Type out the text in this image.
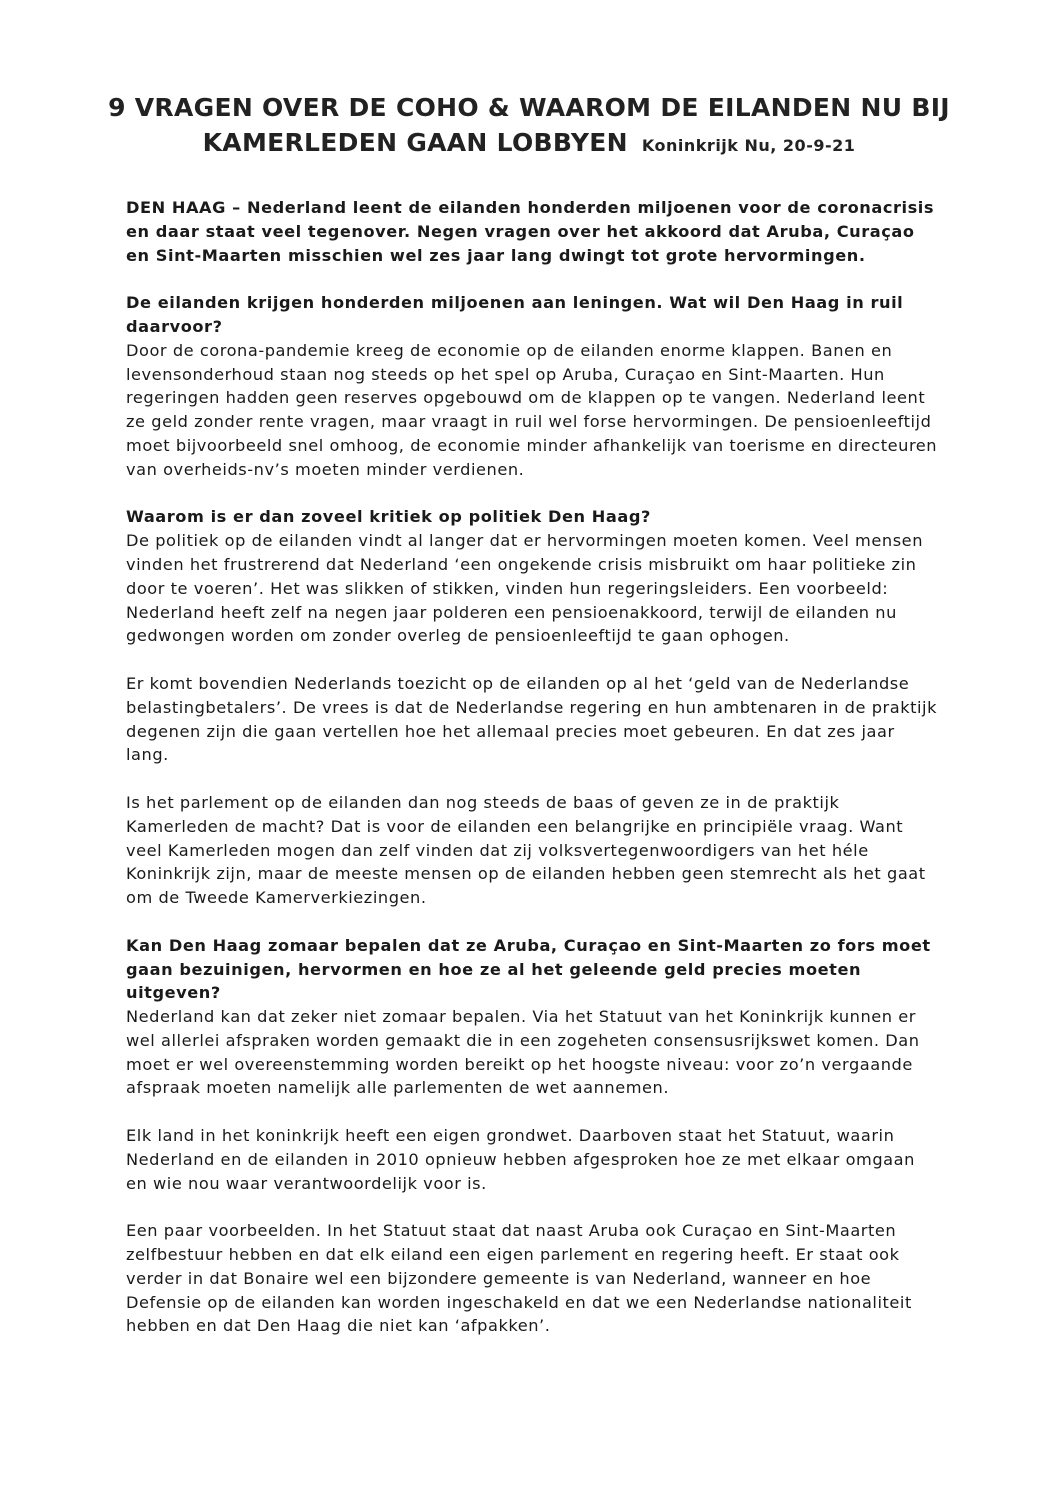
9 VRAGEN OVER DE COHO & WAAROM DE EILANDEN NU BIJ
KAMERLEDEN GAAN LOBBYEN Koninkrijk Nu, 20-9-21

DEN HAAG – Nederland leent de eilanden honderden miljoenen voor de coronacrisis en daar staat veel tegenover. Negen vragen over het akkoord dat Aruba, Curaçao en Sint-Maarten misschien wel zes jaar lang dwingt tot grote hervormingen.

De eilanden krijgen honderden miljoenen aan leningen. Wat wil Den Haag in ruil daarvoor?
Door de corona-pandemie kreeg de economie op de eilanden enorme klappen. Banen en levensonderhoud staan nog steeds op het spel op Aruba, Curaçao en Sint-Maarten. Hun regeringen hadden geen reserves opgebouwd om de klappen op te vangen. Nederland leent ze geld zonder rente vragen, maar vraagt in ruil wel forse hervormingen. De pensioenleeftijd moet bijvoorbeeld snel omhoog, de economie minder afhankelijk van toerisme en directeuren van overheids-nv’s moeten minder verdienen.

Waarom is er dan zoveel kritiek op politiek Den Haag?
De politiek op de eilanden vindt al langer dat er hervormingen moeten komen. Veel mensen vinden het frustrerend dat Nederland ‘een ongekende crisis misbruikt om haar politieke zin door te voeren’. Het was slikken of stikken, vinden hun regeringsleiders. Een voorbeeld: Nederland heeft zelf na negen jaar polderen een pensioenakkoord, terwijl de eilanden nu gedwongen worden om zonder overleg de pensioenleeftijd te gaan ophogen.

Er komt bovendien Nederlands toezicht op de eilanden op al het ‘geld van de Nederlandse belastingbetalers’. De vrees is dat de Nederlandse regering en hun ambtenaren in de praktijk degenen zijn die gaan vertellen hoe het allemaal precies moet gebeuren. En dat zes jaar lang.

Is het parlement op de eilanden dan nog steeds de baas of geven ze in de praktijk Kamerleden de macht? Dat is voor de eilanden een belangrijke en principiële vraag. Want veel Kamerleden mogen dan zelf vinden dat zij volksvertegenwoordigers van het héle Koninkrijk zijn, maar de meeste mensen op de eilanden hebben geen stemrecht als het gaat om de Tweede Kamerverkiezingen.

Kan Den Haag zomaar bepalen dat ze Aruba, Curaçao en Sint-Maarten zo fors moet gaan bezuinigen, hervormen en hoe ze al het geleende geld precies moeten uitgeven?
Nederland kan dat zeker niet zomaar bepalen. Via het Statuut van het Koninkrijk kunnen er wel allerlei afspraken worden gemaakt die in een zogeheten consensusrijkswet komen. Dan moet er wel overeenstemming worden bereikt op het hoogste niveau: voor zo’n vergaande afspraak moeten namelijk alle parlementen de wet aannemen.

Elk land in het koninkrijk heeft een eigen grondwet. Daarboven staat het Statuut, waarin Nederland en de eilanden in 2010 opnieuw hebben afgesproken hoe ze met elkaar omgaan en wie nou waar verantwoordelijk voor is.

Een paar voorbeelden. In het Statuut staat dat naast Aruba ook Curaçao en Sint-Maarten zelfbestuur hebben en dat elk eiland een eigen parlement en regering heeft. Er staat ook verder in dat Bonaire wel een bijzondere gemeente is van Nederland, wanneer en hoe Defensie op de eilanden kan worden ingeschakeld en dat we een Nederlandse nationaliteit hebben en dat Den Haag die niet kan ‘afpakken’.
